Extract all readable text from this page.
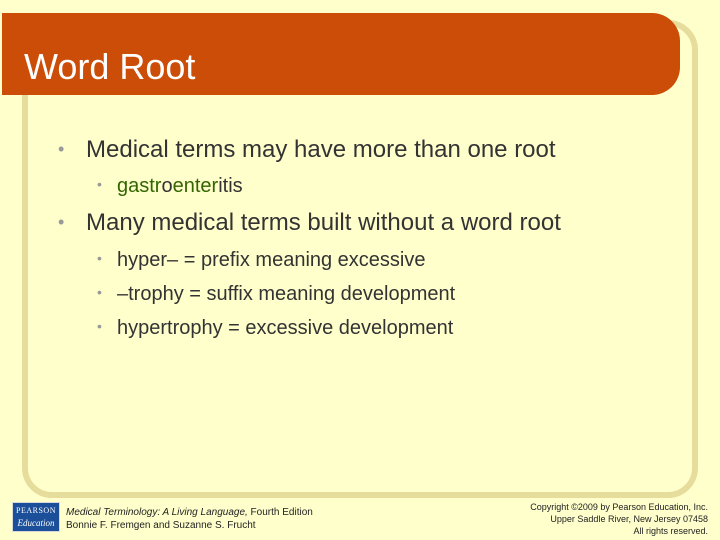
Word Root
• Medical terms may have more than one root
• gastroenteritis
• Many medical terms built without a word root
• hyper– = prefix meaning excessive
• –trophy = suffix meaning development
• hypertrophy = excessive development
PEARSON
Education
Medical Terminology: A Living Language, Fourth Edition
Bonnie F. Fremgen and Suzanne S. Frucht
Copyright ©2009 by Pearson Education, Inc.
Upper Saddle River, New Jersey 07458
All rights reserved.
